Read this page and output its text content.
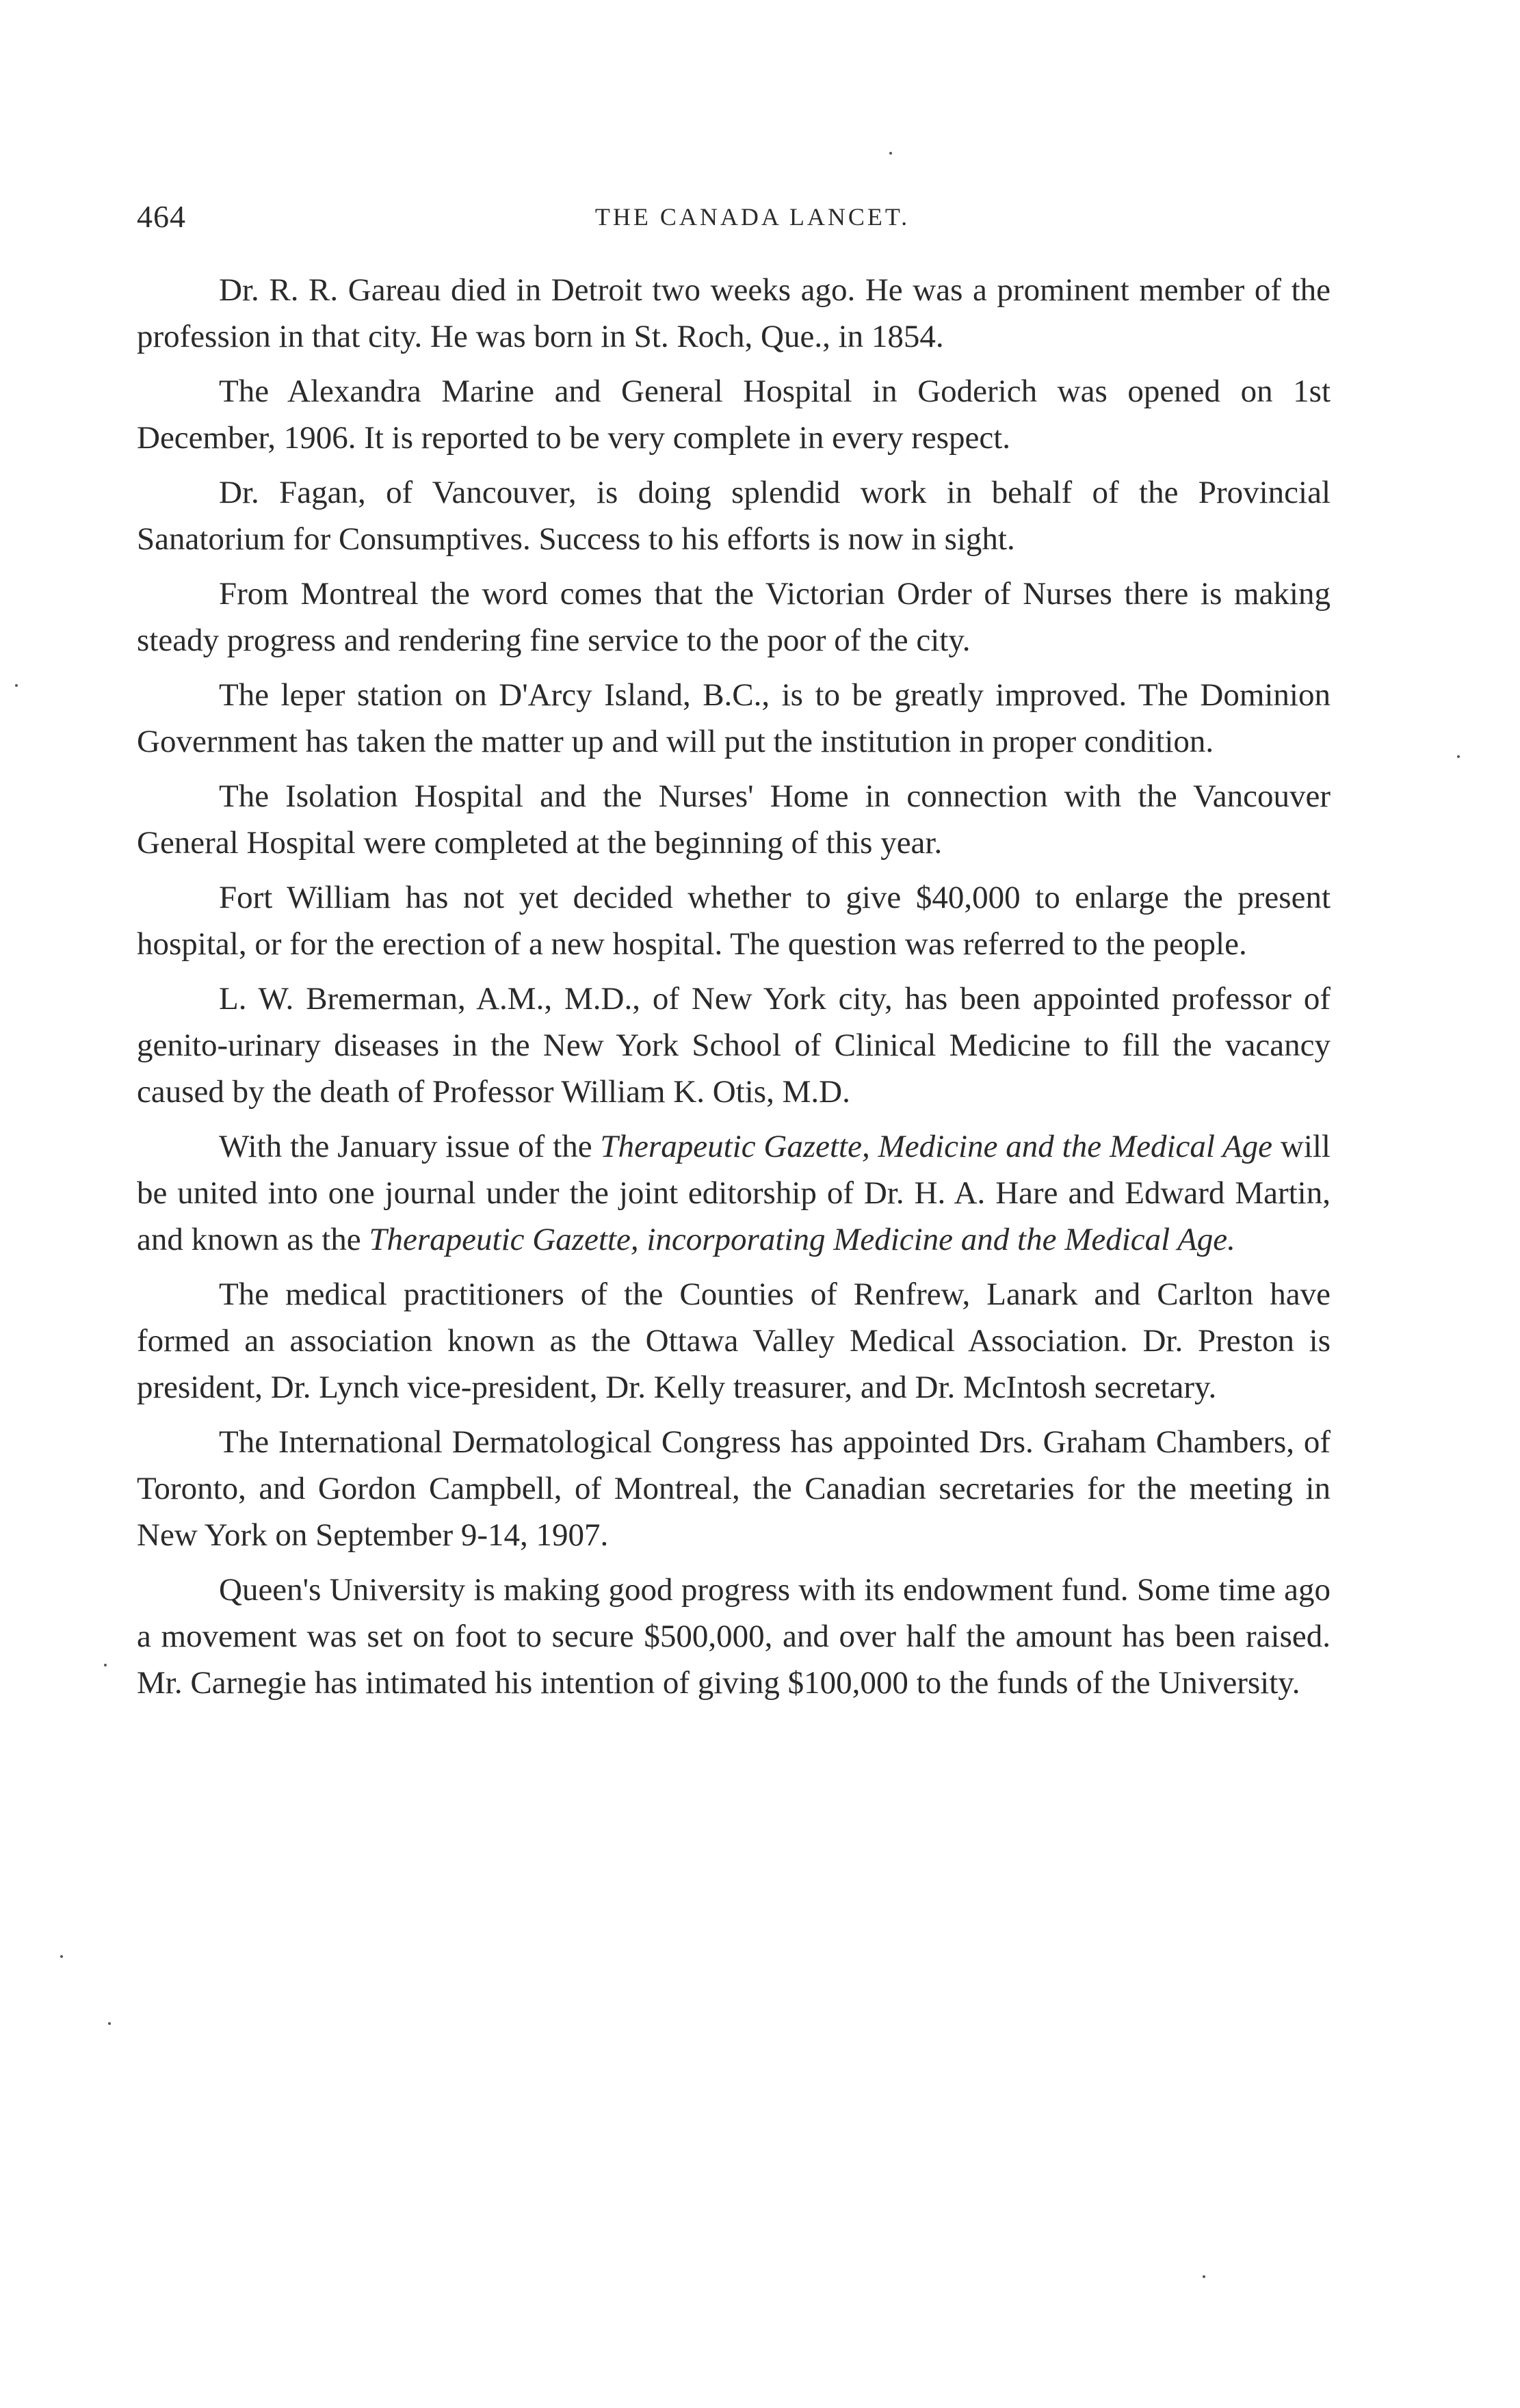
464	THE CANADA LANCET.

Dr. R. R. Gareau died in Detroit two weeks ago. He was a prominent member of the profession in that city. He was born in St. Roch, Que., in 1854.

The Alexandra Marine and General Hospital in Goderich was opened on 1st December, 1906. It is reported to be very complete in every respect.

Dr. Fagan, of Vancouver, is doing splendid work in behalf of the Provincial Sanatorium for Consumptives. Success to his efforts is now in sight.

From Montreal the word comes that the Victorian Order of Nurses there is making steady progress and rendering fine service to the poor of the city.

The leper station on D'Arcy Island, B.C., is to be greatly improved. The Dominion Government has taken the matter up and will put the institution in proper condition.

The Isolation Hospital and the Nurses' Home in connection with the Vancouver General Hospital were completed at the beginning of this year.

Fort William has not yet decided whether to give $40,000 to enlarge the present hospital, or for the erection of a new hospital. The question was referred to the people.

L. W. Bremerman, A.M., M.D., of New York city, has been appointed professor of genito-urinary diseases in the New York School of Clinical Medicine to fill the vacancy caused by the death of Professor William K. Otis, M.D.

With the January issue of the Therapeutic Gazette, Medicine and the Medical Age will be united into one journal under the joint editorship of Dr. H. A. Hare and Edward Martin, and known as the Therapeutic Gazette, incorporating Medicine and the Medical Age.

The medical practitioners of the Counties of Renfrew, Lanark and Carlton have formed an association known as the Ottawa Valley Medical Association. Dr. Preston is president, Dr. Lynch vice-president, Dr. Kelly treasurer, and Dr. McIntosh secretary.

The International Dermatological Congress has appointed Drs. Graham Chambers, of Toronto, and Gordon Campbell, of Montreal, the Canadian secretaries for the meeting in New York on September 9-14, 1907.

Queen's University is making good progress with its endowment fund. Some time ago a movement was set on foot to secure $500,000, and over half the amount has been raised. Mr. Carnegie has intimated his intention of giving $100,000 to the funds of the University.
